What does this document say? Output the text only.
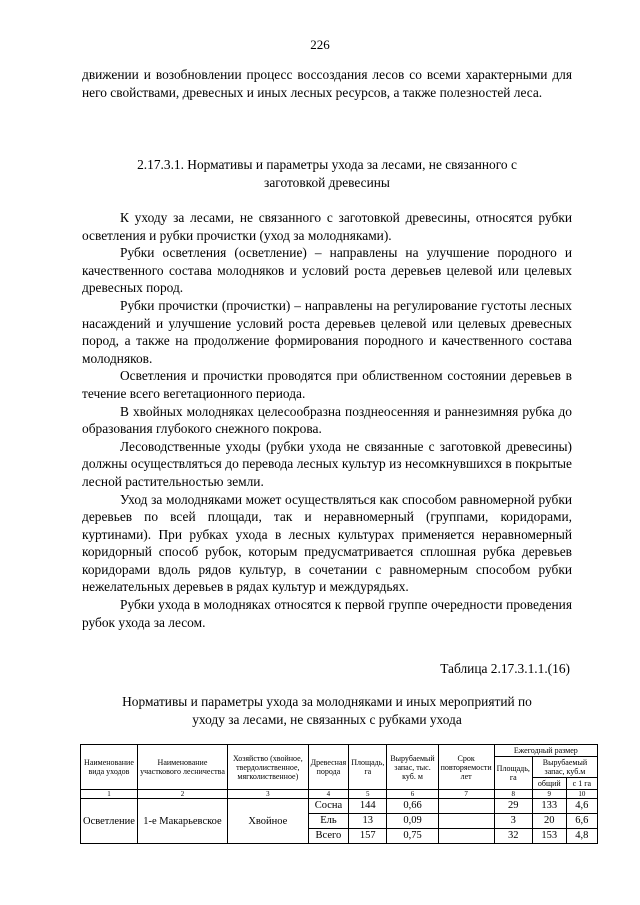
226

движении и возобновлении процесс воссоздания лесов со всеми характерными для него свойствами, древесных и иных лесных ресурсов, а также полезностей леса.

2.17.3.1. Нормативы и параметры ухода за лесами, не связанного с
заготовкой древесины

К уходу за лесами, не связанного с заготовкой древесины, относятся рубки осветления и рубки прочистки (уход за молодняками).

Рубки осветления (осветление) – направлены на улучшение породного и качественного состава молодняков и условий роста деревьев целевой или целевых древесных пород.

Рубки прочистки (прочистки) – направлены на регулирование густоты лесных насаждений и улучшение условий роста деревьев целевой или целевых древесных пород, а также на продолжение формирования породного и качественного состава молодняков.

Осветления и прочистки проводятся при облиственном состоянии деревьев в течение всего вегетационного периода.

В хвойных молодняках целесообразна позднеосенняя и раннезимняя рубка до образования глубокого снежного покрова.

Лесоводственные уходы (рубки ухода не связанные с заготовкой древесины) должны осуществляться до перевода лесных культур из несомкнувшихся в покрытые лесной растительностью земли.

Уход за молодняками может осуществляться как способом равномерной рубки деревьев по всей площади, так и неравномерный (группами, коридорами, куртинами). При рубках ухода в лесных культурах применяется неравномерный коридорный способ рубок, которым предусматривается сплошная рубка деревьев коридорами вдоль рядов культур, в сочетании с равномерным способом рубки нежелательных деревьев в рядах культур и междурядьях.

Рубки ухода в молодняках относятся к первой группе очередности проведения рубок ухода за лесом.

Таблица 2.17.3.1.1.(16)
Нормативы и параметры ухода за молодняками и иных мероприятий по
уходу за лесами, не связанных с рубками ухода
Наименование видa уходов	Наименование участкового лесничества	Хозяйство (хвойное, твердолиственное, мягколиственное)	Древесная порода	Площадь, га	Вырубаемый запас, тыс. куб. м	Срок повторяемости лет	Ежегодный размер		
							Площадь, га	Вырубаемый запас, куб.м	
								общий	с 1 га
1	2	3	4	5	6	7	8	9	10
Осветление	1-е Макарьевское	Хвойное	Сосна	144	0,66		29	133	4,6
			Ель	13	0,09		3	20	6,6
			Всего	157	0,75		32	153	4,8
